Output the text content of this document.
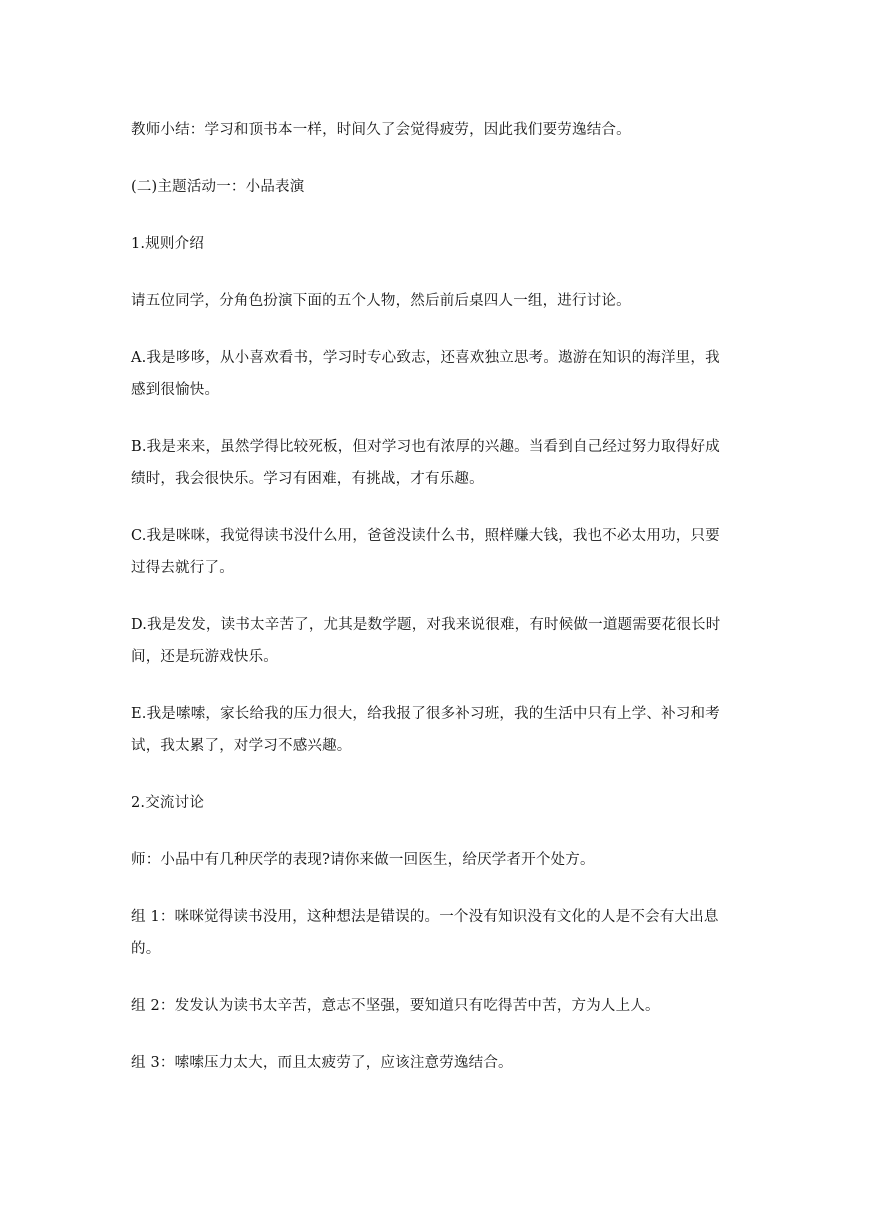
教师小结：学习和顶书本一样，时间久了会觉得疲劳，因此我们要劳逸结合。

(二)主题活动一：小品表演

1.规则介绍

请五位同学，分角色扮演下面的五个人物，然后前后桌四人一组，进行讨论。

A.我是哆哆，从小喜欢看书，学习时专心致志，还喜欢独立思考。遨游在知识的海洋里，我
感到很愉快。

B.我是来来，虽然学得比较死板，但对学习也有浓厚的兴趣。当看到自己经过努力取得好成
绩时，我会很快乐。学习有困难，有挑战，才有乐趣。

C.我是咪咪，我觉得读书没什么用，爸爸没读什么书，照样赚大钱，我也不必太用功，只要
过得去就行了。

D.我是发发，读书太辛苦了，尤其是数学题，对我来说很难，有时候做一道题需要花很长时
间，还是玩游戏快乐。

E.我是嗦嗦，家长给我的压力很大，给我报了很多补习班，我的生活中只有上学、补习和考
试，我太累了，对学习不感兴趣。

2.交流讨论

师：小品中有几种厌学的表现?请你来做一回医生，给厌学者开个处方。

组 1：咪咪觉得读书没用，这种想法是错误的。一个没有知识没有文化的人是不会有大出息
的。

组 2：发发认为读书太辛苦，意志不坚强，要知道只有吃得苦中苦，方为人上人。

组 3：嗦嗦压力太大，而且太疲劳了，应该注意劳逸结合。
